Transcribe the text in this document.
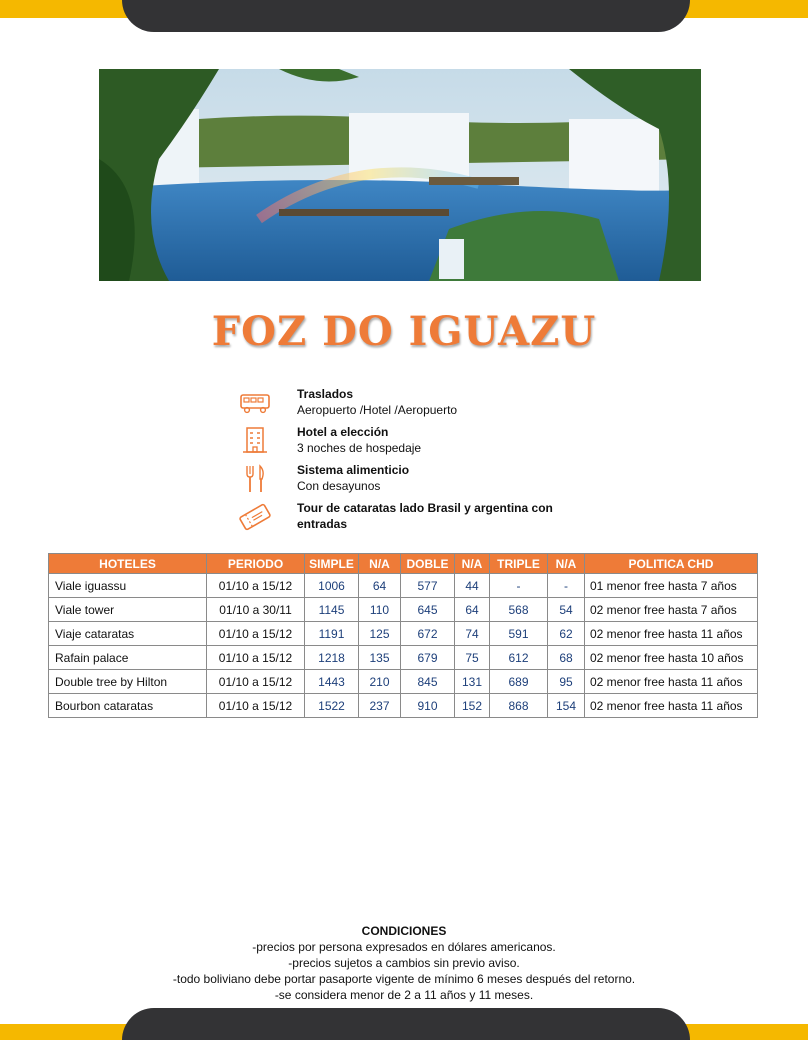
FOZ DO IGUAZU
Traslados
Aeropuerto /Hotel /Aeropuerto
Hotel a elección
3 noches de hospedaje
Sistema alimenticio
Con desayunos
Tour de cataratas lado Brasil y argentina con entradas
HOTELES	PERIODO	SIMPLE	N/A	DOBLE	N/A	TRIPLE	N/A	POLITICA CHD
Viale iguassu	01/10 a 15/12	1006	64	577	44	-	-	01 menor free hasta 7 años
Viale tower	01/10 a 30/11	1145	110	645	64	568	54	02 menor free hasta 7 años
Viaje cataratas	01/10 a 15/12	1191	125	672	74	591	62	02 menor free hasta 11 años
Rafain palace	01/10 a 15/12	1218	135	679	75	612	68	02 menor free hasta 10 años
Double tree by Hilton	01/10 a 15/12	1443	210	845	131	689	95	02 menor free hasta 11 años
Bourbon cataratas	01/10 a 15/12	1522	237	910	152	868	154	02 menor free hasta 11 años
CONDICIONES
-precios por persona expresados en dólares americanos.
-precios sujetos a cambios sin previo aviso.
-todo boliviano debe portar pasaporte vigente de mínimo 6 meses después del retorno.
-se considera menor de 2 a 11 años y 11 meses.
